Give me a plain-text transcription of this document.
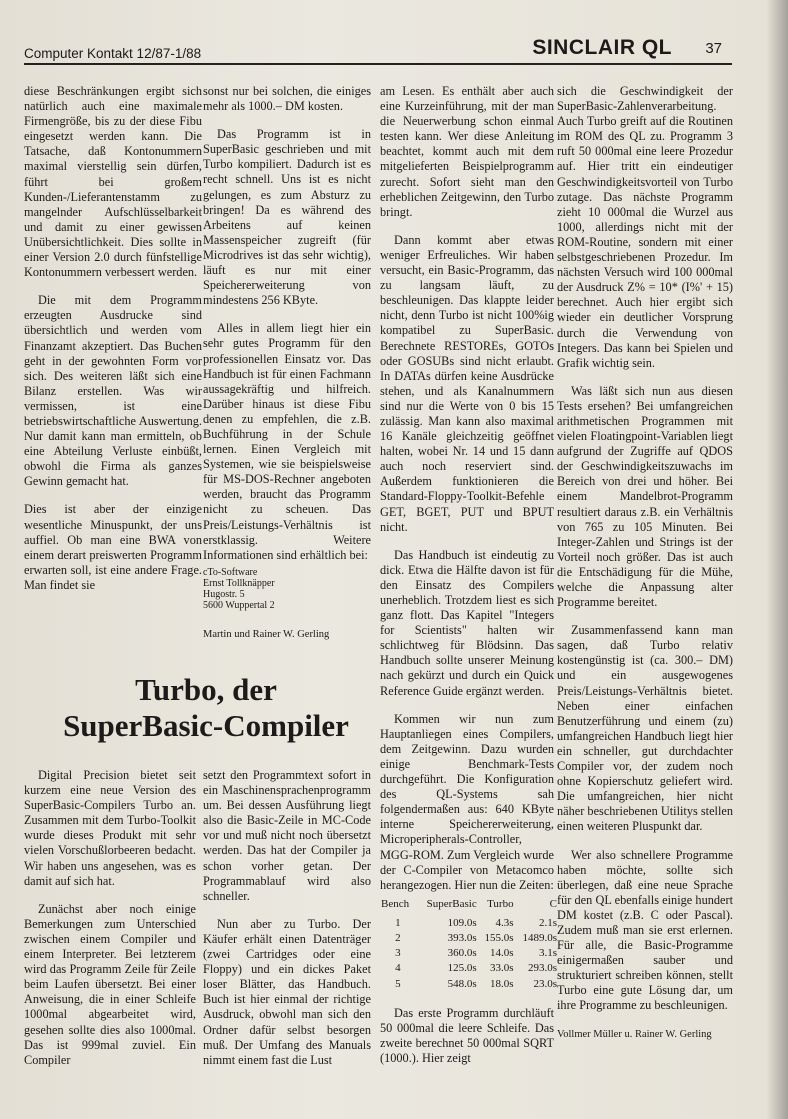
Computer Kontakt 12/87-1/88	SINCLAIR QL 37

diese Beschränkungen ergibt sich natürlich auch eine maximale Firmengröße, bis zu der diese Fibu eingesetzt werden kann. Die Tatsache, daß Kontonummern maximal vierstellig sein dürfen, führt bei großem Kunden-/Lieferantenstamm zu mangelnder Aufschlüsselbarkeit und damit zu einer gewissen Unübersichtlichkeit. Dies sollte in einer Version 2.0 durch fünfstellige Kontonummern verbessert werden.

Die mit dem Programm erzeugten Ausdrucke sind übersichtlich und werden vom Finanzamt akzeptiert. Das Buchen geht in der gewohnten Form vor sich. Des weiteren läßt sich eine Bilanz erstellen. Was wir vermissen, ist eine betriebswirtschaftliche Auswertung. Nur damit kann man ermitteln, ob eine Abteilung Verluste einbüßt, obwohl die Firma als ganzes Gewinn gemacht hat.

Dies ist aber der einzige wesentliche Minuspunkt, der uns auffiel. Ob man eine BWA von einem derart preiswerten Programm erwarten soll, ist eine andere Frage. Man findet sie

sonst nur bei solchen, die einiges mehr als 1000.– DM kosten.

Das Programm ist in SuperBasic geschrieben und mit Turbo kompiliert. Dadurch ist es recht schnell. Uns ist es nicht gelungen, es zum Absturz zu bringen! Da es während des Arbeitens auf keinen Massenspeicher zugreift (für Microdrives ist das sehr wichtig), läuft es nur mit einer Speichererweiterung von mindestens 256 KByte.

Alles in allem liegt hier ein sehr gutes Programm für den professionellen Einsatz vor. Das Handbuch ist für einen Fachmann aussagekräftig und hilfreich. Darüber hinaus ist diese Fibu denen zu empfehlen, die z.B. Buchführung in der Schule lernen. Einen Vergleich mit Systemen, wie sie beispielsweise für MS-DOS-Rechner angeboten werden, braucht das Programm nicht zu scheuen. Das Preis/Leistungs-Verhältnis ist erstklassig. Weitere Informationen sind erhältlich bei:

cTo-Software
Ernst Tollknäpper
Hugostr. 5
5600 Wuppertal 2
Martin und Rainer W. Gerling
Turbo, der
SuperBasic-Compiler

Digital Precision bietet seit kurzem eine neue Version des SuperBasic-Compilers Turbo an. Zusammen mit dem Turbo-Toolkit wurde dieses Produkt mit sehr vielen Vorschußlorbeeren bedacht. Wir haben uns angesehen, was es damit auf sich hat.

Zunächst aber noch einige Bemerkungen zum Unterschied zwischen einem Compiler und einem Interpreter. Bei letzterem wird das Programm Zeile für Zeile beim Laufen übersetzt. Bei einer Anweisung, die in einer Schleife 1000mal abgearbeitet wird, gesehen sollte dies also 1000mal. Das ist 999mal zuviel. Ein Compiler

setzt den Programmtext sofort in ein Maschinensprachenprogramm um. Bei dessen Ausführung liegt also die Basic-Zeile in MC-Code vor und muß nicht noch übersetzt werden. Das hat der Compiler ja schon vorher getan. Der Programmablauf wird also schneller.

Nun aber zu Turbo. Der Käufer erhält einen Datenträger (zwei Cartridges oder eine Floppy) und ein dickes Paket loser Blätter, das Handbuch. Buch ist hier einmal der richtige Ausdruck, obwohl man sich den Ordner dafür selbst besorgen muß. Der Umfang des Manuals nimmt einem fast die Lust

am Lesen. Es enthält aber auch eine Kurzeinführung, mit der man die Neuerwerbung schon einmal testen kann. Wer diese Anleitung beachtet, kommt auch mit dem mitgelieferten Beispielprogramm zurecht. Sofort sieht man den erheblichen Zeitgewinn, den Turbo bringt.

Dann kommt aber etwas weniger Erfreuliches. Wir haben versucht, ein Basic-Programm, das zu langsam läuft, zu beschleunigen. Das klappte leider nicht, denn Turbo ist nicht 100%ig kompatibel zu SuperBasic. Berechnete RESTOREs, GOTOs oder GOSUBs sind nicht erlaubt. In DATAs dürfen keine Ausdrücke stehen, und als Kanalnummern sind nur die Werte von 0 bis 15 zulässig. Man kann also maximal 16 Kanäle gleichzeitig geöffnet halten, wobei Nr. 14 und 15 dann auch noch reserviert sind. Außerdem funktionieren die Standard-Floppy-Toolkit-Befehle GET, BGET, PUT und BPUT nicht.

Das Handbuch ist eindeutig zu dick. Etwa die Hälfte davon ist für den Einsatz des Compilers unerheblich. Trotzdem liest es sich ganz flott. Das Kapitel "Integers for Scientists" halten wir schlichtweg für Blödsinn. Das Handbuch sollte unserer Meinung nach gekürzt und durch ein Quick Reference Guide ergänzt werden.

Kommen wir nun zum Hauptanliegen eines Compilers, dem Zeitgewinn. Dazu wurden einige Benchmark-Tests durchgeführt. Die Konfiguration des QL-Systems sah folgendermaßen aus: 640 KByte interne Speichererweiterung, Microperipherals-Controller, MGG-ROM. Zum Vergleich wurde der C-Compiler von Metacomco herangezogen. Hier nun die Zeiten:

Bench	SuperBasic	Turbo	C
1	109.0s	4.3s	2.1s
2	393.0s	155.0s	1489.0s
3	360.0s	14.0s	3.1s
4	125.0s	33.0s	293.0s
5	548.0s	18.0s	23.0s

Das erste Programm durchläuft 50 000mal die leere Schleife. Das zweite berechnet 50 000mal SQRT (1000.). Hier zeigt

sich die Geschwindigkeit der SuperBasic-Zahlenverarbeitung. Auch Turbo greift auf die Routinen im ROM des QL zu. Programm 3 ruft 50 000mal eine leere Prozedur auf. Hier tritt ein eindeutiger Geschwindigkeitsvorteil von Turbo zutage. Das nächste Programm zieht 10 000mal die Wurzel aus 1000, allerdings nicht mit der ROM-Routine, sondern mit einer selbstgeschriebenen Prozedur. Im nächsten Versuch wird 100 000mal der Ausdruck Z% = 10* (I%' + 15) berechnet. Auch hier ergibt sich wieder ein deutlicher Vorsprung durch die Verwendung von Integers. Das kann bei Spielen und Grafik wichtig sein.

Was läßt sich nun aus diesen Tests ersehen? Bei umfangreichen arithmetischen Programmen mit vielen Floatingpoint-Variablen liegt aufgrund der Zugriffe auf QDOS der Geschwindigkeitszuwachs im Bereich von drei und höher. Bei einem Mandelbrot-Programm resultiert daraus z.B. ein Verhältnis von 765 zu 105 Minuten. Bei Integer-Zahlen und Strings ist der Vorteil noch größer. Das ist auch die Entschädigung für die Mühe, welche die Anpassung alter Programme bereitet.

Zusammenfassend kann man sagen, daß Turbo relativ kostengünstig ist (ca. 300.– DM) und ein ausgewogenes Preis/Leistungs-Verhältnis bietet. Neben einer einfachen Benutzerführung und einem (zu) umfangreichen Handbuch liegt hier ein schneller, gut durchdachter Compiler vor, der zudem noch ohne Kopierschutz geliefert wird. Die umfangreichen, hier nicht näher beschriebenen Utilitys stellen einen weiteren Pluspunkt dar.

Wer also schnellere Programme haben möchte, sollte sich überlegen, daß eine neue Sprache für den QL ebenfalls einige hundert DM kostet (z.B. C oder Pascal). Zudem muß man sie erst erlernen. Für alle, die Basic-Programme einigermaßen sauber und strukturiert schreiben können, stellt Turbo eine gute Lösung dar, um ihre Programme zu beschleunigen.

Vollmer Müller u. Rainer W. Gerling
